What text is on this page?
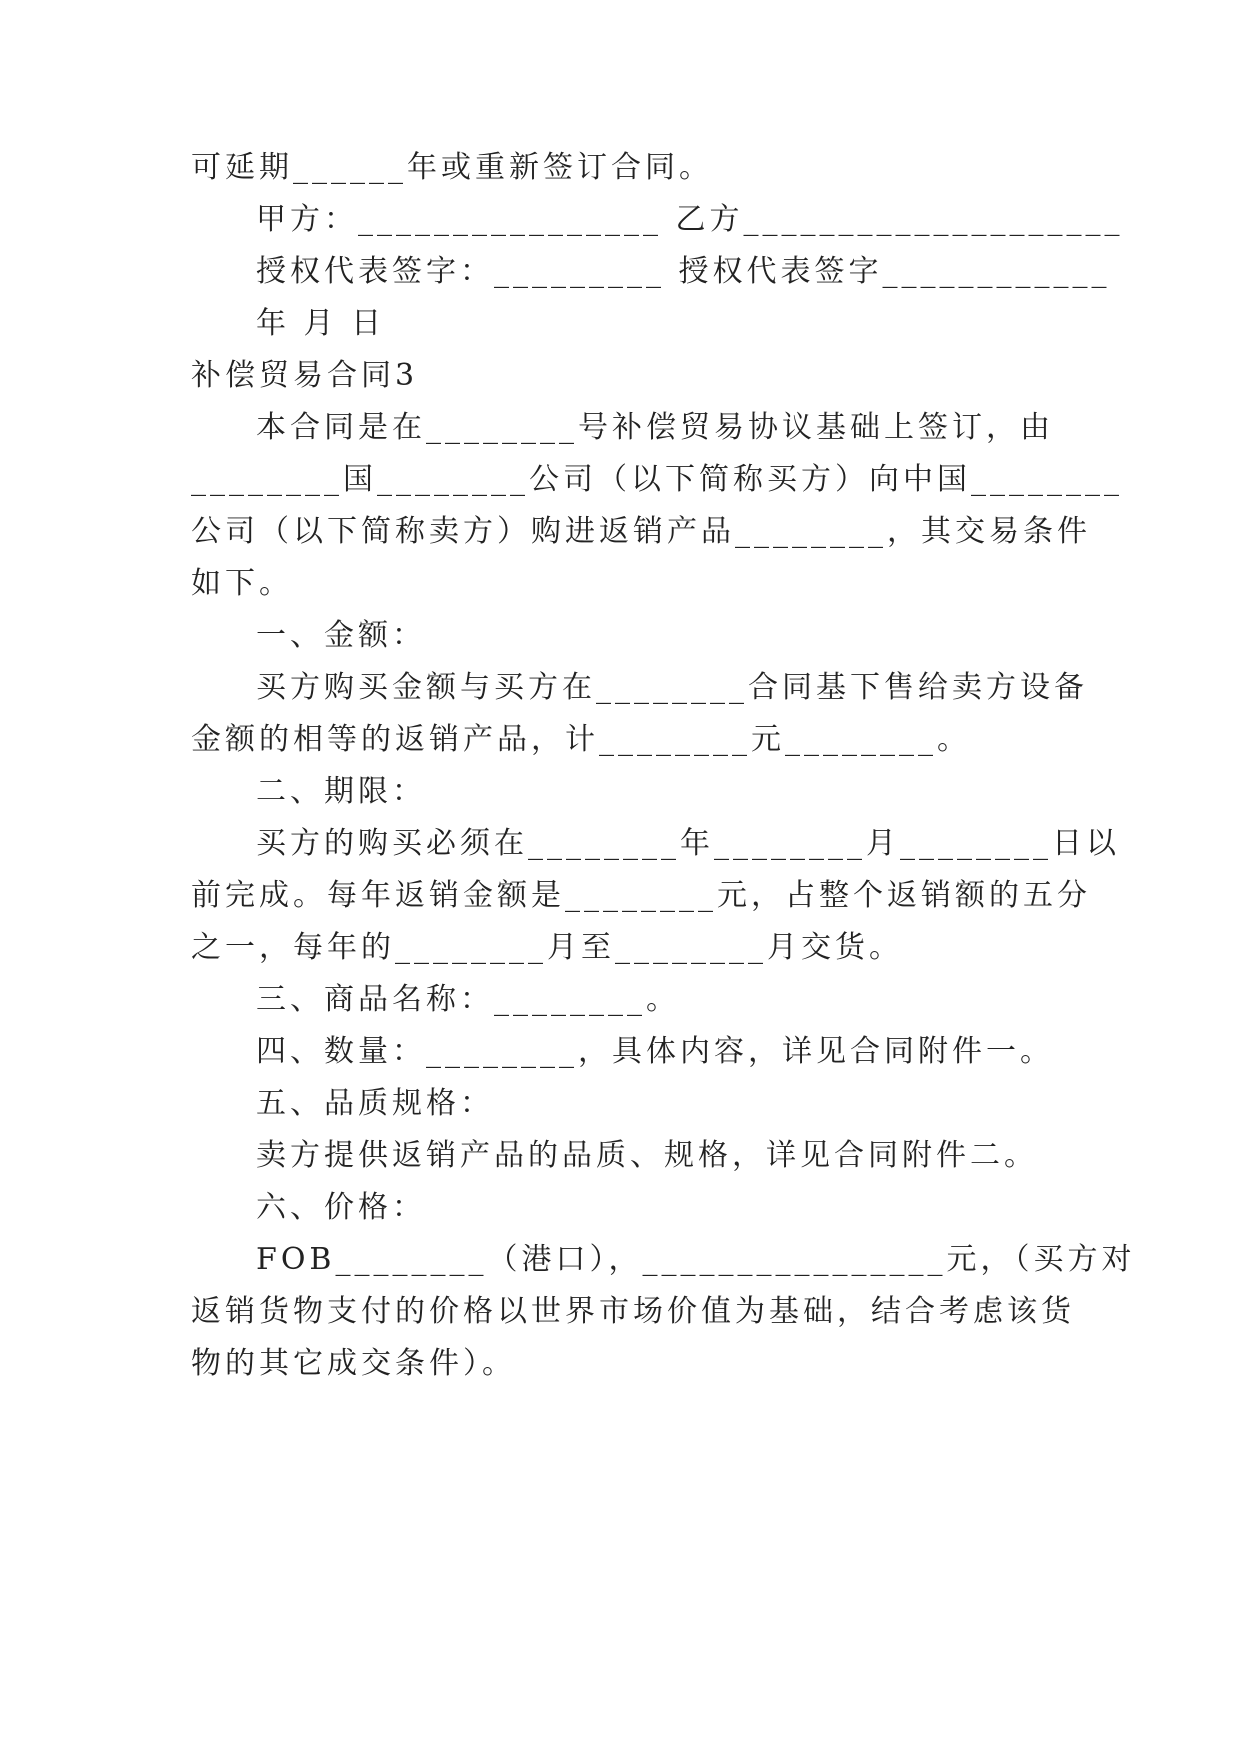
可延期______年或重新签订合同。
甲方：________________ 乙方____________________
授权代表签字：_________ 授权代表签字____________
年 月 日
补偿贸易合同3
本合同是在________号补偿贸易协议基础上签订，由
________国________公司（以下简称买方）向中国________
公司（以下简称卖方）购进返销产品________，其交易条件
如下。
一、金额：
买方购买金额与买方在________合同基下售给卖方设备
金额的相等的返销产品，计________元________。
二、期限：
买方的购买必须在________年________月________日以
前完成。每年返销金额是________元，占整个返销额的五分
之一，每年的________月至________月交货。
三、商品名称：________。
四、数量：________，具体内容，详见合同附件一。
五、品质规格：
卖方提供返销产品的品质、规格，详见合同附件二。
六、价格：
FOB________（港口），________________元，（买方对
返销货物支付的价格以世界市场价值为基础，结合考虑该货
物的其它成交条件）。
